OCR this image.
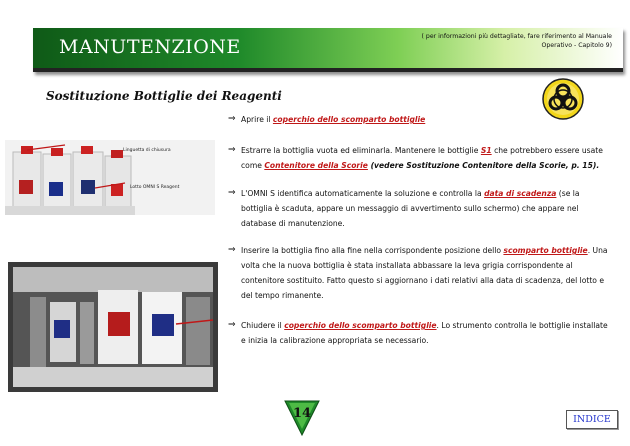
MANUTENZIONE	( per informazioni più dettagliate, fare riferimento al Manuale Operativo - Capitolo 9)
Sostituzione Bottiglie dei Reagenti
Linguetta di chiusura
Lotto OMNI S Reagent
⇒ Aprire il coperchio dello scomparto bottiglie
⇒ Estrarre la bottiglia vuota ed eliminarla. Mantenere le bottiglie S1 che potrebbero essere usate come Contenitore della Scorie (vedere Sostituzione Contenitore della Scorie, p. 15).
⇒ L'OMNI S identifica automaticamente la soluzione e controlla la data di scadenza (se la bottiglia è scaduta, appare un messaggio di avvertimento sullo schermo) che appare nel database di manutenzione.
⇒ Inserire la bottiglia fino alla fine nella corrispondente posizione dello scomparto bottiglie. Una volta che la nuova bottiglia è stata installata abbassare la leva grigia corrispondente al contenitore sostituito. Fatto questo si aggiornano i dati relativi alla data di scadenza, del lotto e del tempo rimanente.
⇒ Chiudere il coperchio dello scomparto bottiglie. Lo strumento controlla le bottiglie installate e inizia la calibrazione appropriata se necessario.
14	INDICE
